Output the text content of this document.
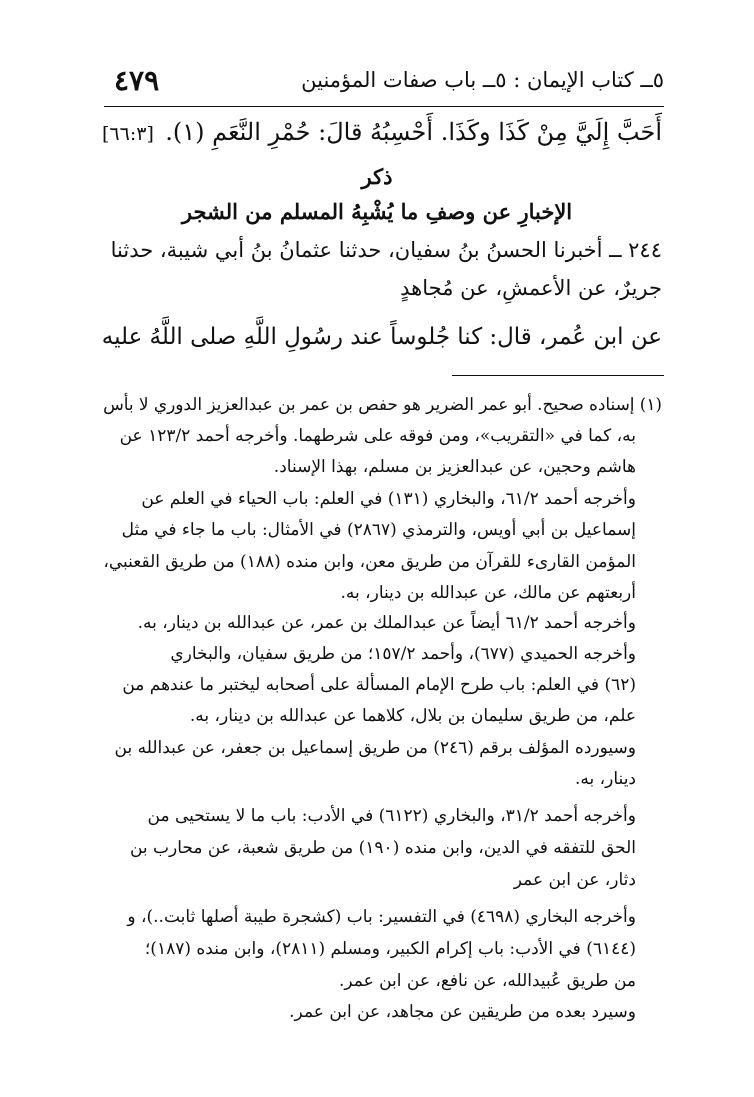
٥ــ كتاب الإيمان : ٥ــ باب صفات المؤمنين
٤٧٩
أَحَبَّ إِلَيَّ مِنْ كَذَا وكَذَا. أَحْسِبُهُ قالَ: حُمْرِ النَّعَمِ (١).
[٦٦:٣]
ذكر
الإخبارِ عن وصفِ ما يُشْبِهُ المسلم من الشجر
٢٤٤ ــ أخبرنا الحسنُ بنُ سفيان، حدثنا عثمانُ بنُ أبي شيبة، حدثنا
جريرٌ، عن الأعمشِ، عن مُجاهدٍ
عن ابن عُمر، قال: كنا جُلوساً عند رسُولِ اللَّهِ صلى اللَّهُ عليه
(١) إسناده صحيح. أبو عمر الضرير هو حفص بن عمر بن عبدالعزيز الدوري لا بأس
به، كما في «التقريب»، ومن فوقه على شرطهما. وأخرجه أحمد ١٢٣/٢ عن
هاشم وحجين، عن عبدالعزيز بن مسلم، بهذا الإسناد.
وأخرجه أحمد ٦١/٢، والبخاري (١٣١) في العلم: باب الحياء في العلم عن
إسماعيل بن أبي أويس، والترمذي (٢٨٦٧) في الأمثال: باب ما جاء في مثل
المؤمن القارىء للقرآن من طريق معن، وابن منده (١٨٨) من طريق القعنبي،
أربعتهم عن مالك، عن عبدالله بن دينار، به.
وأخرجه أحمد ٦١/٢ أيضاً عن عبدالملك بن عمر، عن عبدالله بن دينار، به.
وأخرجه الحميدي (٦٧٧)، وأحمد ١٥٧/٢؛ من طريق سفيان، والبخاري
(٦٢) في العلم: باب طرح الإمام المسألة على أصحابه ليختبر ما عندهم من
علم، من طريق سليمان بن بلال، كلاهما عن عبدالله بن دينار، به.
وسيورده المؤلف برقم (٢٤٦) من طريق إسماعيل بن جعفر، عن عبدالله بن
دينار، به.
وأخرجه أحمد ٣١/٢، والبخاري (٦١٢٢) في الأدب: باب ما لا يستحيى من
الحق للتفقه في الدين، وابن منده (١٩٠) من طريق شعبة، عن محارب بن
دثار، عن ابن عمر
وأخرجه البخاري (٤٦٩٨) في التفسير: باب (كشجرة طيبة أصلها ثابت..)، و
(٦١٤٤) في الأدب: باب إكرام الكبير، ومسلم (٢٨١١)، وابن منده (١٨٧)؛
من طريق عُبيدالله، عن نافع، عن ابن عمر.
وسيرد بعده من طريقين عن مجاهد، عن ابن عمر.
